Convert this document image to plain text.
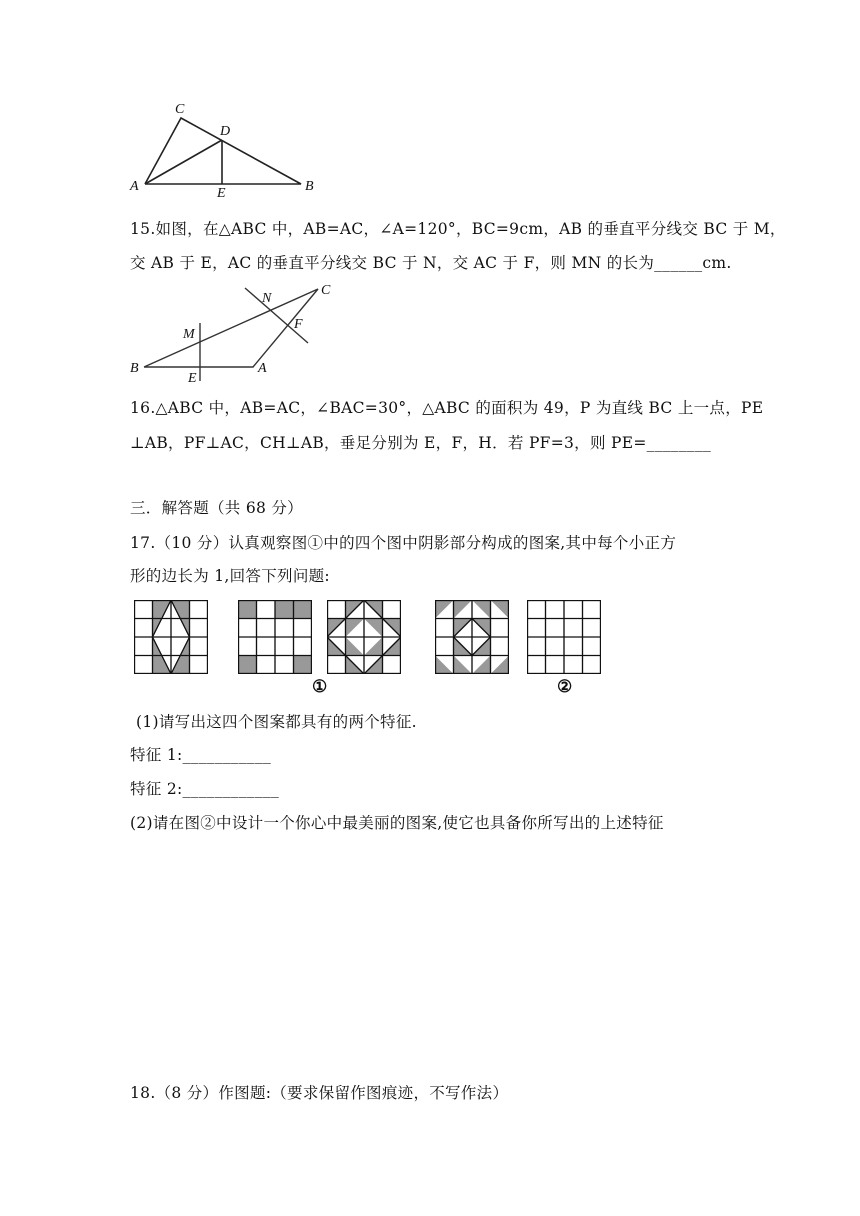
C
D
A	E	B
15.如图，在△ABC 中，AB=AC，∠A=120°，BC=9cm，AB 的垂直平分线交 BC 于 M，
交 AB 于 E，AC 的垂直平分线交 BC 于 N，交 AC 于 F，则 MN 的长为______cm.
C
N
F
M
B
E
A
16.△ABC 中，AB=AC，∠BAC=30°，△ABC 的面积为 49，P 为直线 BC 上一点，PE
⊥AB，PF⊥AC，CH⊥AB，垂足分别为 E，F，H．若 PF=3，则 PE=________
三．解答题（共 68 分）
17.（10 分）认真观察图①中的四个图中阴影部分构成的图案,其中每个小正方
形的边长为 1,回答下列问题:
①	②
(1)请写出这四个图案都具有的两个特征.
特征 1:___________
特征 2:____________
(2)请在图②中设计一个你心中最美丽的图案,使它也具备你所写出的上述特征
18.（8 分）作图题:（要求保留作图痕迹，不写作法）
